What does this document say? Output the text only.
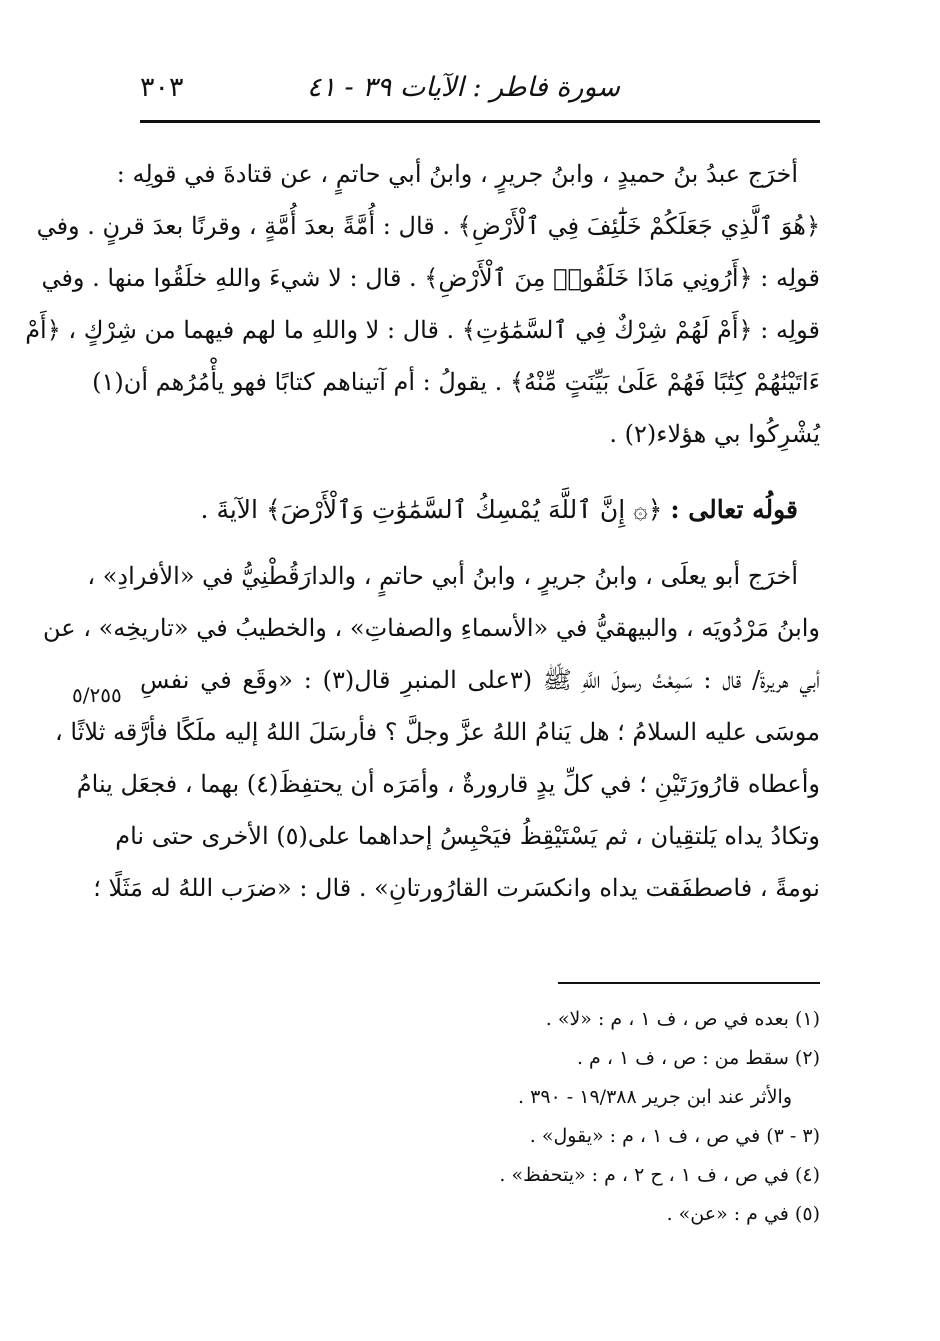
سورة فاطر : الآيات ٣٩ - ٤١
٣٠٣
أخرَج عبدُ بنُ حميدٍ ، وابنُ جريرٍ ، وابنُ أبي حاتمٍ ، عن قتادةَ في قولِه :
﴿هُوَ ٱلَّذِي جَعَلَكُمْ خَلَٰٓئِفَ فِي ٱلْأَرْضِ﴾ . قال : أُمَّةً بعدَ أُمَّةٍ ، وقرنًا بعدَ قرنٍ . وفي
قولِه : ﴿أَرُونِي مَاذَا خَلَقُوا۟ مِنَ ٱلْأَرْضِ﴾ . قال : لا شيءَ واللهِ خلَقُوا منها . وفي
قولِه : ﴿أَمْ لَهُمْ شِرْكٌ فِي ٱلسَّمَٰوَٰتِ﴾ . قال : لا واللهِ ما لهم فيهما من شِرْكٍ ، ﴿أَمْ
ءَاتَيْنَٰهُمْ كِتَٰبًا فَهُمْ عَلَىٰ بَيِّنَتٍ مِّنْهُ﴾ . يقولُ : أم آتيناهم كتابًا فهو يأْمُرُهم أن(١)
يُشْرِكُوا بي هؤلاء(٢) .
قولُه تعالى : ﴿۞ إِنَّ ٱللَّهَ يُمْسِكُ ٱلسَّمَٰوَٰتِ وَٱلْأَرْضَ﴾ الآيةَ .
أخرَج أبو يعلَى ، وابنُ جريرٍ ، وابنُ أبي حاتمٍ ، والدارَقُطْنِيُّ في «الأفرادِ» ،
وابنُ مَرْدُويَه ، والبيهقيُّ في «الأسماءِ والصفاتِ» ، والخطيبُ في «تاريخِه» ، عن
أبي هريرةَ/ قال : سَمِعْتُ رسولَ اللَّهِ ﷺ (٣على المنبرِ قال(٣) : «وقَع في نفسِ
موسَى عليه السلامُ ؛ هل يَنامُ اللهُ عزَّ وجلَّ ؟ فأرسَلَ اللهُ إليه ملَكًا فأرَّقه ثلاثًا ،
وأعطاه قارُورَتَيْنِ ؛ في كلِّ يدٍ قارورةٌ ، وأمَرَه أن يحتفِظَ(٤) بهما ، فجعَل ينامُ
وتكادُ يداه يَلتقِيان ، ثم يَسْتَيْقِظُ فيَحْبِسُ إحداهما على(٥) الأخرى حتى نام
نومةً ، فاصطفَقت يداه وانكسَرت القارُورتانِ» . قال : «ضرَب اللهُ له مَثَلًا ؛
٥/٢٥٥
(١) بعده في ص ، ف ١ ، م : «لا» .
(٢) سقط من : ص ، ف ١ ، م .
والأثر عند ابن جرير ١٩/٣٨٨ - ٣٩٠ .
(٣ - ٣) في ص ، ف ١ ، م : «يقول» .
(٤) في ص ، ف ١ ، ح ٢ ، م : «يتحفظ» .
(٥) في م : «عن» .
